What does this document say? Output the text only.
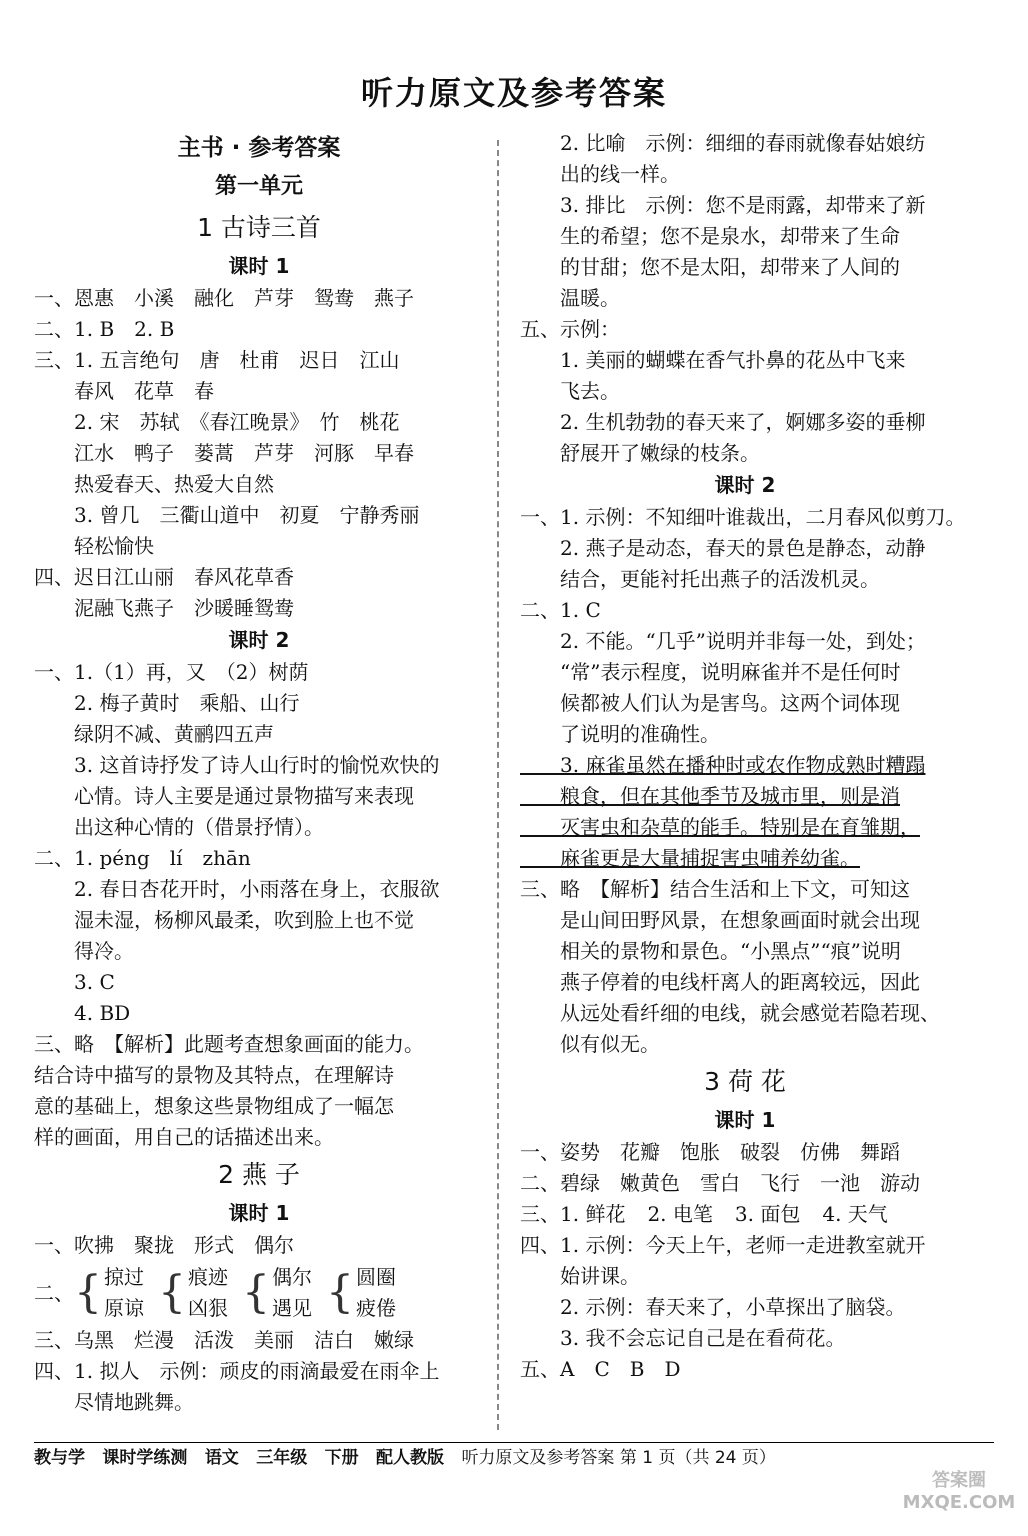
听力原文及参考答案
主书 · 参考答案
第一单元
1 古诗三首
课时 1
一、恩惠　小溪　融化　芦芽　鸳鸯　燕子
二、1. B　2. B
三、1. 五言绝句　唐　杜甫　迟日　江山
　　春风　花草　春
　　2. 宋　苏轼　《春江晚景》　竹　桃花
　　江水　鸭子　蒌蒿　芦芽　河豚　早春
　　热爱春天、热爱大自然
　　3. 曾几　三衢山道中　初夏　宁静秀丽
　　轻松愉快
四、迟日江山丽　春风花草香
　　泥融飞燕子　沙暖睡鸳鸯
课时 2
一、1.（1）再，又　（2）树荫
　　2. 梅子黄时　乘船、山行
　　绿阴不减、黄鹂四五声
　　3. 这首诗抒发了诗人山行时的愉悦欢快的
　　心情。诗人主要是通过景物描写来表现
　　出这种心情的（借景抒情）。
二、1. péng　lí　zhān
　　2. 春日杏花开时，小雨落在身上，衣服欲
　　湿未湿，杨柳风最柔，吹到脸上也不觉
　　得冷。
　　3. C
　　4. BD
三、略　【解析】此题考查想象画面的能力。
结合诗中描写的景物及其特点，在理解诗
意的基础上，想象这些景物组成了一幅怎
样的画面，用自己的话描述出来。
2 燕 子
课时 1
一、吹拂　聚拢　形式　偶尔
二、 { 掠过
原谅 { 痕迹
凶狠 { 偶尔
遇见 { 圆圈
疲倦
三、乌黑　烂漫　活泼　美丽　洁白　嫩绿
四、1. 拟人　示例：顽皮的雨滴最爱在雨伞上
　　尽情地跳舞。
　　2. 比喻　示例：细细的春雨就像春姑娘纺
　　出的线一样。
　　3. 排比　示例：您不是雨露，却带来了新
　　生的希望；您不是泉水，却带来了生命
　　的甘甜；您不是太阳，却带来了人间的
　　温暖。
五、示例：
　　1. 美丽的蝴蝶在香气扑鼻的花丛中飞来
　　飞去。
　　2. 生机勃勃的春天来了，婀娜多姿的垂柳
　　舒展开了嫩绿的枝条。
课时 2
一、1. 示例：不知细叶谁裁出，二月春风似剪刀。
　　2. 燕子是动态，春天的景色是静态，动静
　　结合，更能衬托出燕子的活泼机灵。
二、1. C
　　2. 不能。“几乎”说明并非每一处，到处；
　　“常”表示程度，说明麻雀并不是任何时
　　候都被人们认为是害鸟。这两个词体现
　　了说明的准确性。
　　3. 麻雀虽然在播种时或农作物成熟时糟蹋
　　粮食，但在其他季节及城市里，则是消
　　灭害虫和杂草的能手。特别是在育雏期，
　　麻雀更是大量捕捉害虫哺养幼雀。
三、略　【解析】结合生活和上下文，可知这
　　是山间田野风景，在想象画面时就会出现
　　相关的景物和景色。“小黑点”“痕”说明
　　燕子停着的电线杆离人的距离较远，因此
　　从远处看纤细的电线，就会感觉若隐若现、
　　似有似无。
3 荷 花
课时 1
一、姿势　花瓣　饱胀　破裂　仿佛　舞蹈
二、碧绿　嫩黄色　雪白　飞行　一池　游动
三、1. 鲜花 2. 电笔 3. 面包 4. 天气
四、1. 示例：今天上午，老师一走进教室就开
　　始讲课。
　　2. 示例：春天来了，小草探出了脑袋。
　　3. 我不会忘记自己是在看荷花。
五、A　C　B　D
教与学 课时学练测 语文 三年级 下册 配人教版 听力原文及参考答案 第 1 页（共 24 页）
答案圈 MXQE.COM
